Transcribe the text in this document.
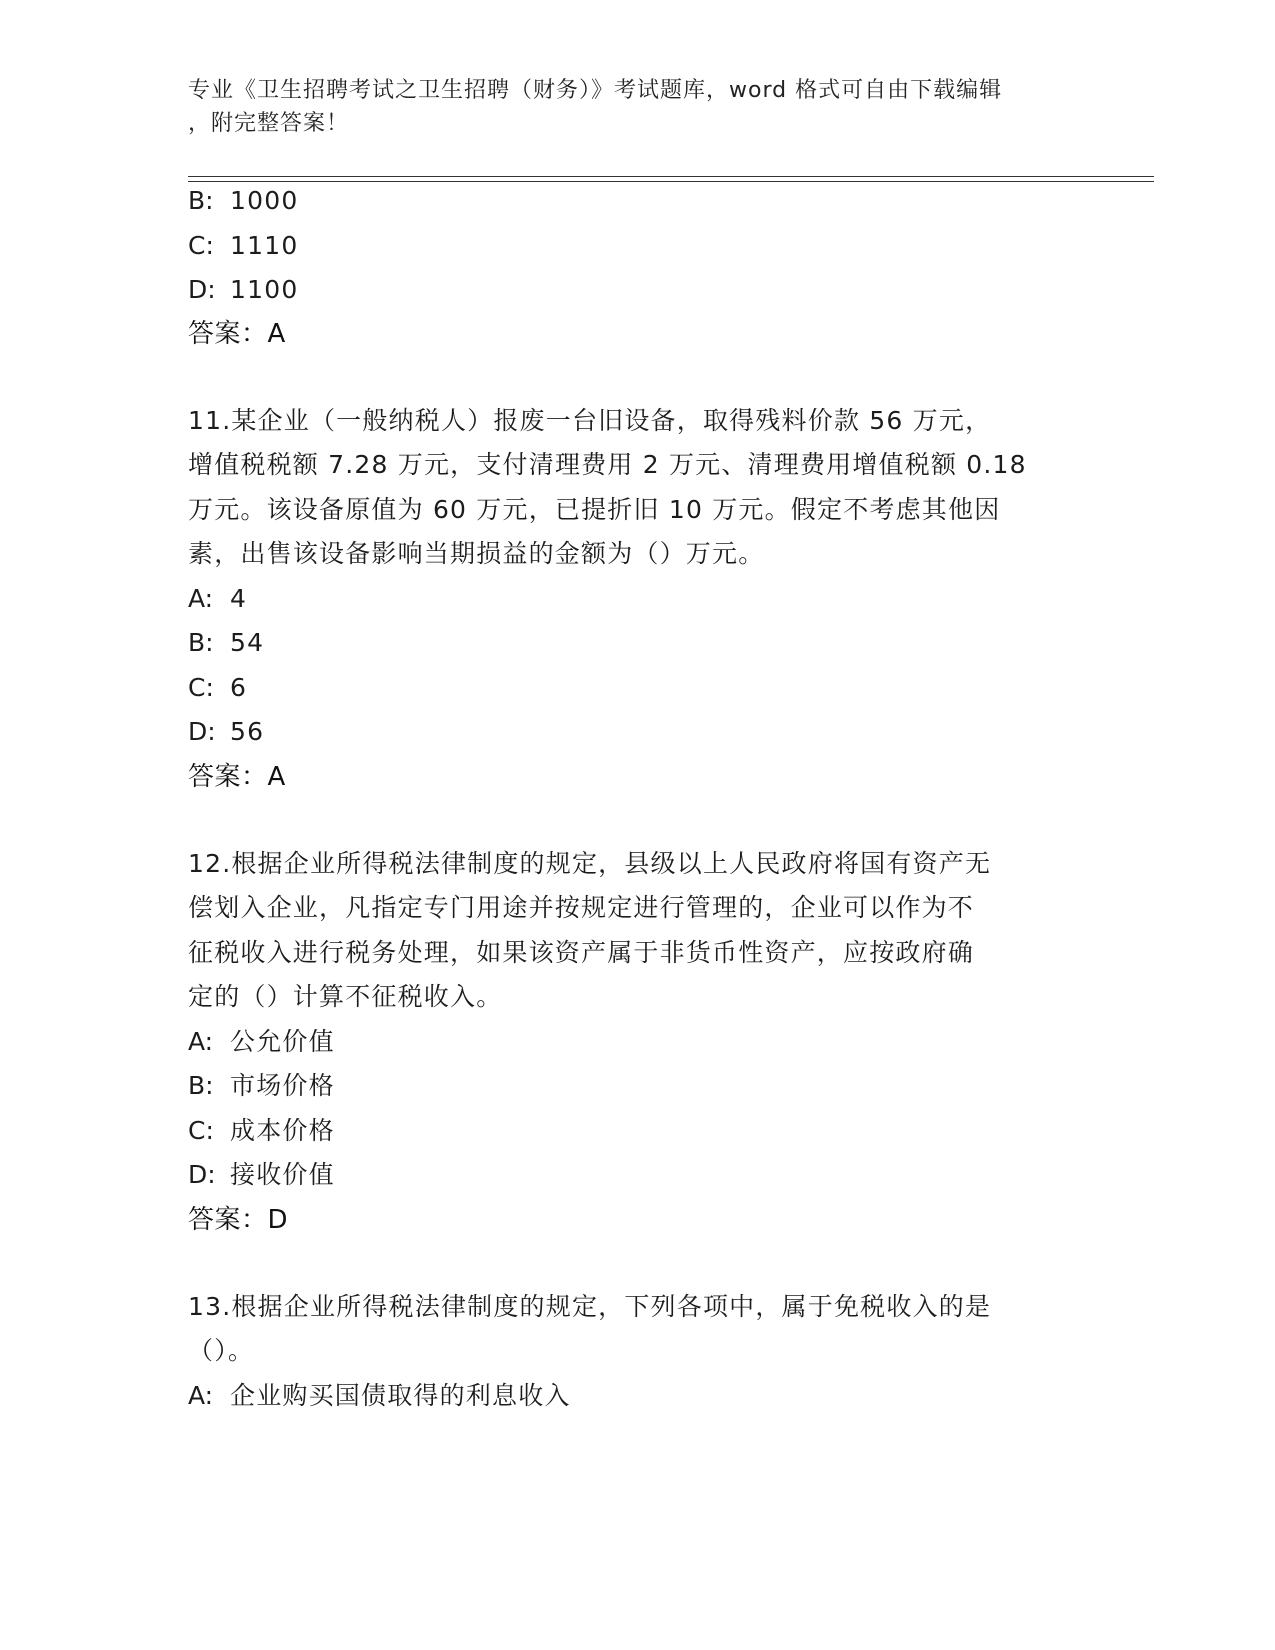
专业《卫生招聘考试之卫生招聘（财务）》考试题库，word 格式可自由下载编辑
，附完整答案！
B: 1000
C: 1110
D: 1100
答案：A
11.某企业（一般纳税人）报废一台旧设备，取得残料价款 56 万元，
增值税税额 7.28 万元，支付清理费用 2 万元、清理费用增值税额 0.18
万元。该设备原值为 60 万元，已提折旧 10 万元。假定不考虑其他因
素，出售该设备影响当期损益的金额为（）万元。
A: 4
B: 54
C: 6
D: 56
答案：A
12.根据企业所得税法律制度的规定，县级以上人民政府将国有资产无
偿划入企业，凡指定专门用途并按规定进行管理的，企业可以作为不
征税收入进行税务处理，如果该资产属于非货币性资产，应按政府确
定的（）计算不征税收入。
A: 公允价值
B: 市场价格
C: 成本价格
D: 接收价值
答案：D
13.根据企业所得税法律制度的规定，下列各项中，属于免税收入的是
（）。
A: 企业购买国债取得的利息收入
